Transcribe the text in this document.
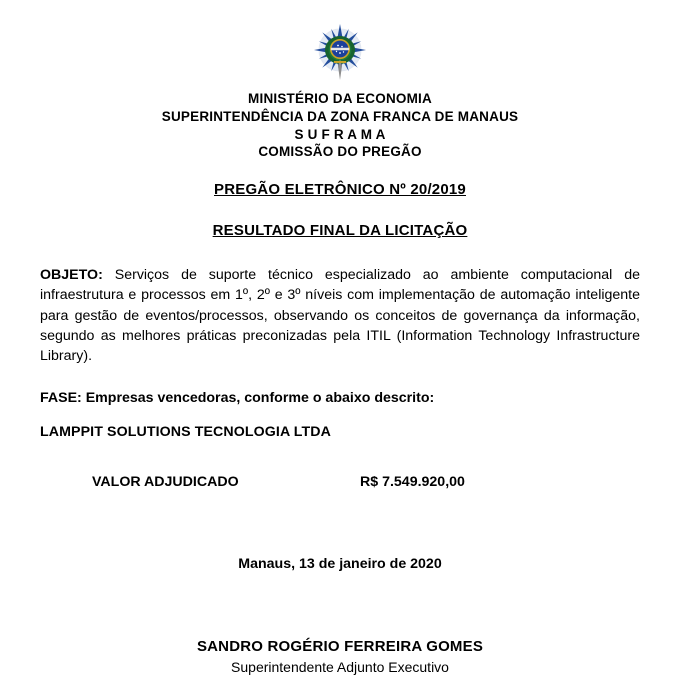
MINISTÉRIO DA ECONOMIA
SUPERINTENDÊNCIA DA ZONA FRANCA DE MANAUS
S U F R A M A
COMISSÃO DO PREGÃO
PREGÃO ELETRÔNICO Nº 20/2019
RESULTADO FINAL DA LICITAÇÃO
OBJETO: Serviços de suporte técnico especializado ao ambiente computacional de infraestrutura e processos em 1º, 2º e 3º níveis com implementação de automação inteligente para gestão de eventos/processos, observando os conceitos de governança da informação, segundo as melhores práticas preconizadas pela ITIL (Information Technology Infrastructure Library).
FASE: Empresas vencedoras, conforme o abaixo descrito:
LAMPPIT SOLUTIONS TECNOLOGIA LTDA
VALOR ADJUDICADO	R$ 7.549.920,00
Manaus, 13 de janeiro de 2020
SANDRO ROGÉRIO FERREIRA GOMES
Superintendente Adjunto Executivo
